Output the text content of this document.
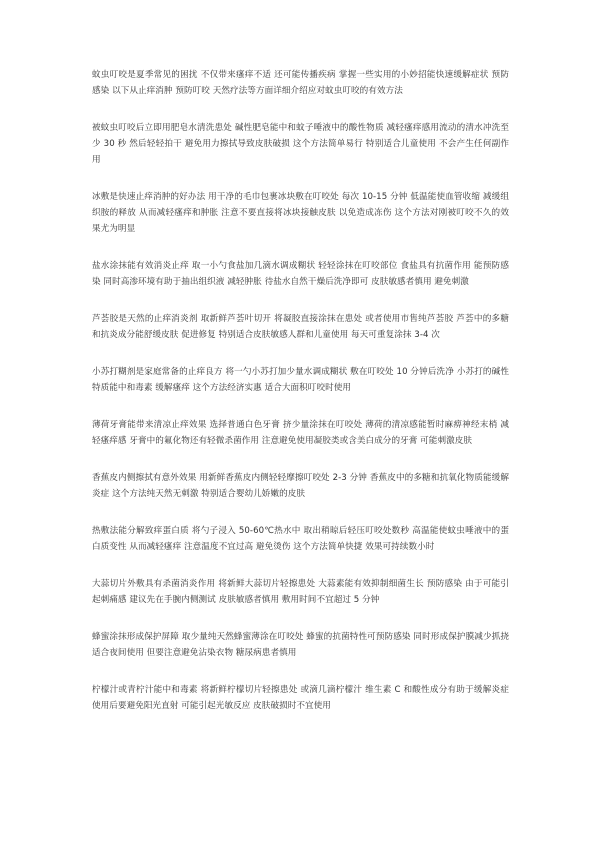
蚊虫叮咬是夏季常见的困扰 不仅带来瘙痒不适 还可能传播疾病 掌握一些实用的小妙招能快速缓解症状 预防感染 以下从止痒消肿 预防叮咬 天然疗法等方面详细介绍应对蚊虫叮咬的有效方法

被蚊虫叮咬后立即用肥皂水清洗患处 碱性肥皂能中和蚊子唾液中的酸性物质 减轻瘙痒感用流动的清水冲洗至少 30 秒 然后轻轻拍干 避免用力擦拭导致皮肤破损 这个方法简单易行 特别适合儿童使用 不会产生任何副作用

冰敷是快速止痒消肿的好办法 用干净的毛巾包裹冰块敷在叮咬处 每次 10-15 分钟 低温能使血管收缩 减缓组织胺的释放 从而减轻瘙痒和肿胀 注意不要直接将冰块接触皮肤 以免造成冻伤 这个方法对刚被叮咬不久的效果尤为明显

盐水涂抹能有效消炎止痒 取一小勺食盐加几滴水调成糊状 轻轻涂抹在叮咬部位 食盐具有抗菌作用 能预防感染 同时高渗环境有助于抽出组织液 减轻肿胀 待盐水自然干燥后洗净即可 皮肤敏感者慎用 避免刺激

芦荟胶是天然的止痒消炎剂 取新鲜芦荟叶切开 将凝胶直接涂抹在患处 或者使用市售纯芦荟胶 芦荟中的多糖和抗炎成分能舒缓皮肤 促进修复 特别适合皮肤敏感人群和儿童使用 每天可重复涂抹 3-4 次

小苏打糊剂是家庭常备的止痒良方 将一勺小苏打加少量水调成糊状 敷在叮咬处 10 分钟后洗净 小苏打的碱性特质能中和毒素 缓解瘙痒 这个方法经济实惠 适合大面积叮咬时使用

薄荷牙膏能带来清凉止痒效果 选择普通白色牙膏 挤少量涂抹在叮咬处 薄荷的清凉感能暂时麻痹神经末梢 减轻瘙痒感 牙膏中的氟化物还有轻微杀菌作用 注意避免使用凝胶类或含美白成分的牙膏 可能刺激皮肤

香蕉皮内侧擦拭有意外效果 用新鲜香蕉皮内侧轻轻摩擦叮咬处 2-3 分钟 香蕉皮中的多糖和抗氧化物质能缓解炎症 这个方法纯天然无刺激 特别适合婴幼儿娇嫩的皮肤

热敷法能分解致痒蛋白质 将勺子浸入 50-60℃热水中 取出稍晾后轻压叮咬处数秒 高温能使蚊虫唾液中的蛋白质变性 从而减轻瘙痒 注意温度不宜过高 避免烫伤 这个方法简单快捷 效果可持续数小时

大蒜切片外敷具有杀菌消炎作用 将新鲜大蒜切片轻擦患处 大蒜素能有效抑制细菌生长 预防感染 由于可能引起刺痛感 建议先在手腕内侧测试 皮肤敏感者慎用 敷用时间不宜超过 5 分钟

蜂蜜涂抹形成保护屏障 取少量纯天然蜂蜜薄涂在叮咬处 蜂蜜的抗菌特性可预防感染 同时形成保护膜减少抓挠 适合夜间使用 但要注意避免沾染衣物 糖尿病患者慎用

柠檬汁或青柠汁能中和毒素 将新鲜柠檬切片轻擦患处 或滴几滴柠檬汁 维生素 C 和酸性成分有助于缓解炎症 使用后要避免阳光直射 可能引起光敏反应 皮肤破损时不宜使用
